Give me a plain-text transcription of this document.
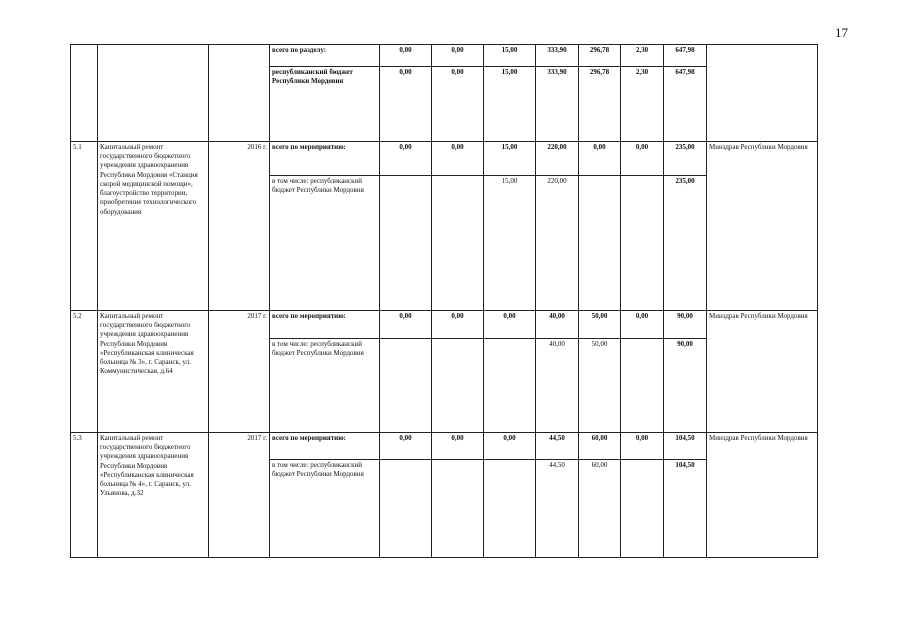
17
			всего по разделу:	0,00	0,00	15,00	333,90	296,78	2,30	647,98	
			республиканский бюджет Республики Мордовия	0,00	0,00	15,00	333,90	296,78	2,30	647,98	
5.1	Капитальный ремонт государственного бюджетного учреждения здравоохранения Республики Мордовия «Станция скорой медицинской помощи», благоустройство территории, приобретение технологического оборудования	2016 г.	всего по мероприятию:	0,00	0,00	15,00	220,00	0,00	0,00	235,00	Минздрав Республики Мордовия
			в том числе: республиканский бюджет Республики Мордовия			15,00	220,00			235,00	
5.2	Капитальный ремонт государственного бюджетного учреждения здравоохранения Республики Мордовия «Республиканская клиническая больница № 3», г. Саранск, ул. Коммунистическая, д.64	2017 г.	всего по мероприятию:	0,00	0,00	0,00	40,00	50,00	0,00	90,00	Минздрав Республики Мордовия
			в том числе: республиканский бюджет Республики Мордовия				40,00	50,00		90,00	
5.3	Капитальный ремонт государственного бюджетного учреждения здравоохранения Республики Мордовия «Республиканская клиническая больница № 4», г. Саранск, ул. Ульянова, д.32	2017 г.	всего по мероприятию:	0,00	0,00	0,00	44,50	60,00	0,00	104,50	Минздрав Республики Мордовия
			в том числе: республиканский бюджет Республики Мордовия				44,50	60,00		104,50	
